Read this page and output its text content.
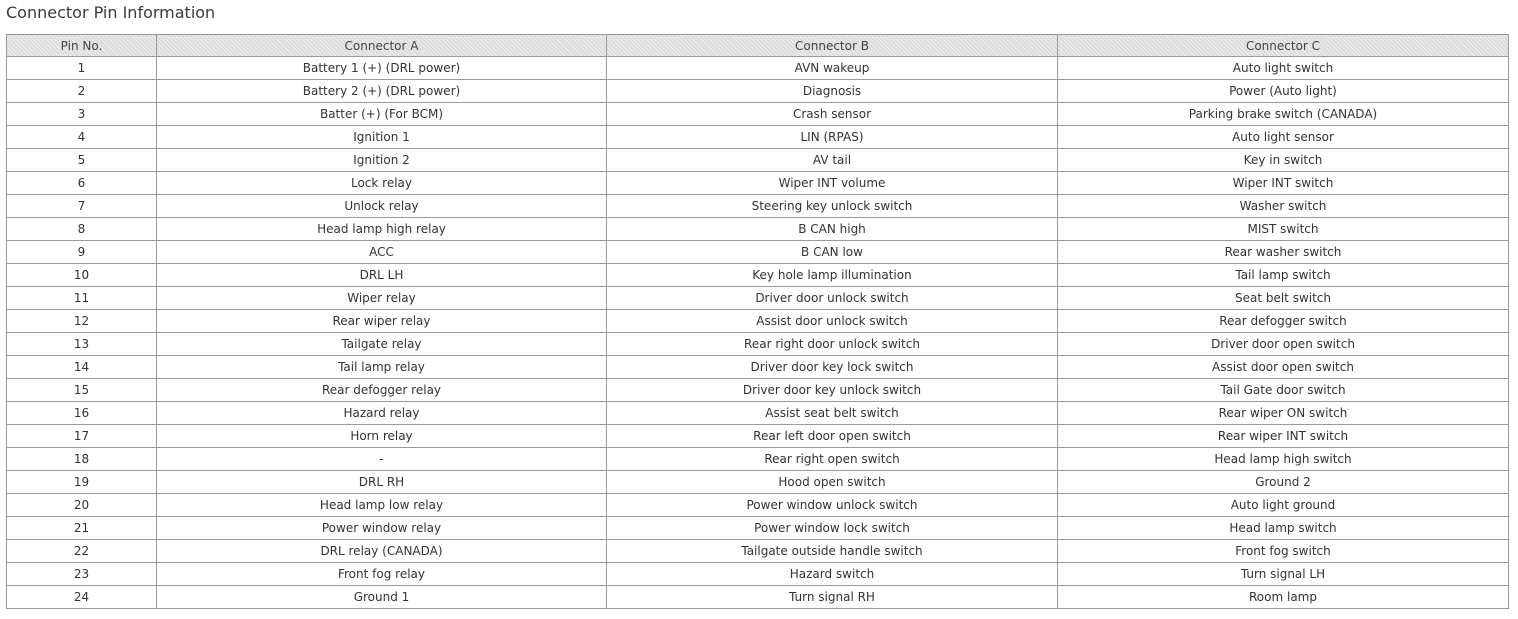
Connector Pin Information
Pin No.	Connector A	Connector B	Connector C
1	Battery 1 (+) (DRL power)	AVN wakeup	Auto light switch
2	Battery 2 (+) (DRL power)	Diagnosis	Power (Auto light)
3	Batter (+) (For BCM)	Crash sensor	Parking brake switch (CANADA)
4	Ignition 1	LIN (RPAS)	Auto light sensor
5	Ignition 2	AV tail	Key in switch
6	Lock relay	Wiper INT volume	Wiper INT switch
7	Unlock relay	Steering key unlock switch	Washer switch
8	Head lamp high relay	B CAN high	MIST switch
9	ACC	B CAN low	Rear washer switch
10	DRL LH	Key hole lamp illumination	Tail lamp switch
11	Wiper relay	Driver door unlock switch	Seat belt switch
12	Rear wiper relay	Assist door unlock switch	Rear defogger switch
13	Tailgate relay	Rear right door unlock switch	Driver door open switch
14	Tail lamp relay	Driver door key lock switch	Assist door open switch
15	Rear defogger relay	Driver door key unlock switch	Tail Gate door switch
16	Hazard relay	Assist seat belt switch	Rear wiper ON switch
17	Horn relay	Rear left door open switch	Rear wiper INT switch
18	-	Rear right open switch	Head lamp high switch
19	DRL RH	Hood open switch	Ground 2
20	Head lamp low relay	Power window unlock switch	Auto light ground
21	Power window relay	Power window lock switch	Head lamp switch
22	DRL relay (CANADA)	Tailgate outside handle switch	Front fog switch
23	Front fog relay	Hazard switch	Turn signal LH
24	Ground 1	Turn signal RH	Room lamp
